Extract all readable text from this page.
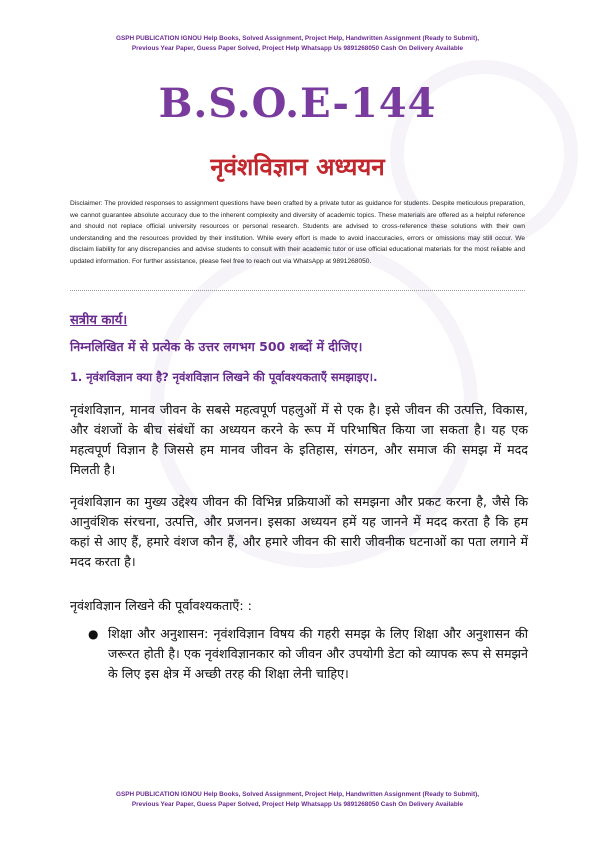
GSPH PUBLICATION IGNOU Help Books, Solved Assignment, Project Help, Handwritten Assignment (Ready to Submit),
Previous Year Paper, Guess Paper Solved, Project Help Whatsapp Us 9891268050 Cash On Delivery Available
B.S.O.E-144
नृवंशविज्ञान अध्ययन
Disclaimer: The provided responses to assignment questions have been crafted by a private tutor as guidance for students. Despite meticulous preparation, we cannot guarantee absolute accuracy due to the inherent complexity and diversity of academic topics. These materials are offered as a helpful reference and should not replace official university resources or personal research. Students are advised to cross-reference these solutions with their own understanding and the resources provided by their institution. While every effort is made to avoid inaccuracies, errors or omissions may still occur. We disclaim liability for any discrepancies and advise students to consult with their academic tutor or use official educational materials for the most reliable and updated information. For further assistance, please feel free to reach out via WhatsApp at 9891268050.
सत्रीय कार्य।
निम्नलिखित में से प्रत्येक के उत्तर लगभग 500 शब्दों में दीजिए।
1. नृवंशविज्ञान क्या है? नृवंशविज्ञान लिखने की पूर्वावश्यकताएँ समझाइए।.
नृवंशविज्ञान, मानव जीवन के सबसे महत्वपूर्ण पहलुओं में से एक है। इसे जीवन की उत्पत्ति, विकास, और वंशजों के बीच संबंधों का अध्ययन करने के रूप में परिभाषित किया जा सकता है। यह एक महत्वपूर्ण विज्ञान है जिससे हम मानव जीवन के इतिहास, संगठन, और समाज की समझ में मदद मिलती है।
नृवंशविज्ञान का मुख्य उद्देश्य जीवन की विभिन्न प्रक्रियाओं को समझना और प्रकट करना है, जैसे कि आनुवंशिक संरचना, उत्पत्ति, और प्रजनन। इसका अध्ययन हमें यह जानने में मदद करता है कि हम कहां से आए हैं, हमारे वंशज कौन हैं, और हमारे जीवन की सारी जीवनीक घटनाओं का पता लगाने में मदद करता है।
नृवंशविज्ञान लिखने की पूर्वावश्यकताएँ: :
● शिक्षा और अनुशासन: नृवंशविज्ञान विषय की गहरी समझ के लिए शिक्षा और अनुशासन की जरूरत होती है। एक नृवंशविज्ञानकार को जीवन और उपयोगी डेटा को व्यापक रूप से समझने के लिए इस क्षेत्र में अच्छी तरह की शिक्षा लेनी चाहिए।
GSPH PUBLICATION IGNOU Help Books, Solved Assignment, Project Help, Handwritten Assignment (Ready to Submit),
Previous Year Paper, Guess Paper Solved, Project Help Whatsapp Us 9891268050 Cash On Delivery Available
